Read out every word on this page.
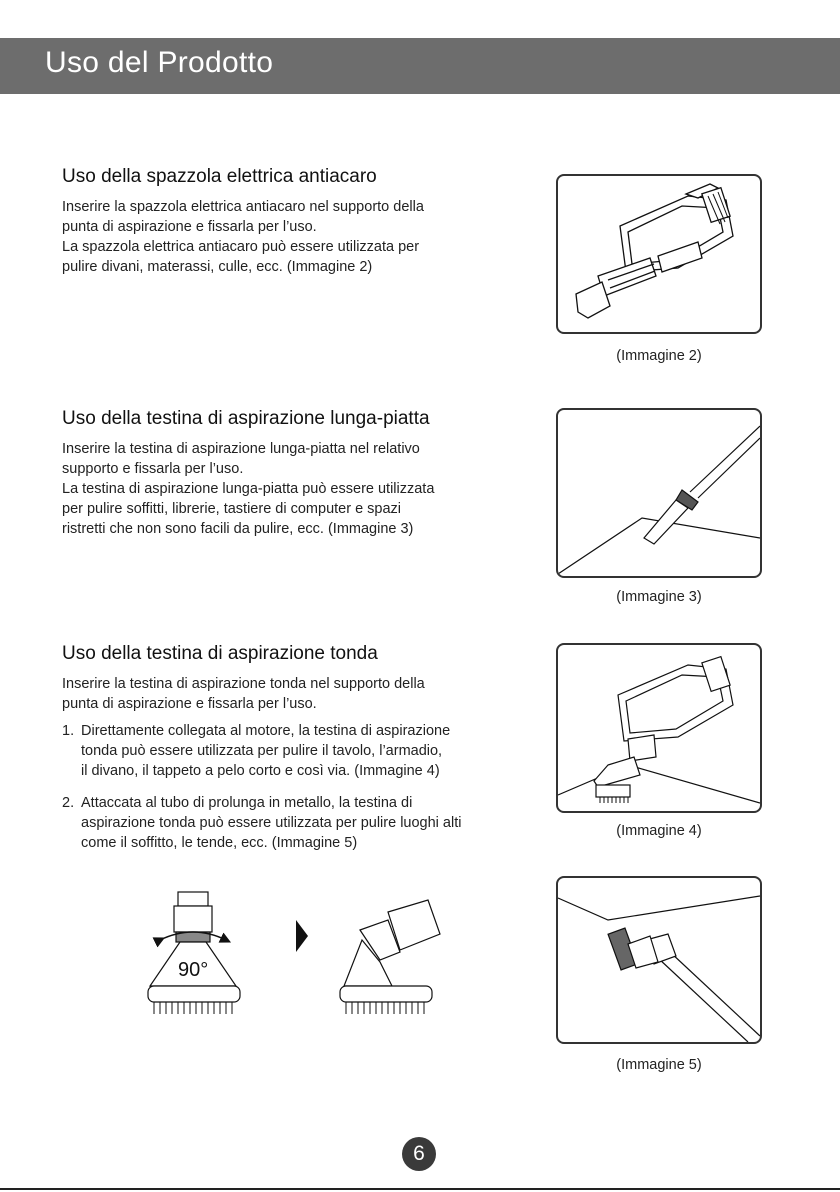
Uso del Prodotto
Uso della spazzola elettrica antiacaro

Inserire la spazzola elettrica antiacaro nel supporto della
punta di aspirazione e fissarla per l’uso.
La spazzola elettrica antiacaro può essere utilizzata per
pulire divani, materassi, culle, ecc. (Immagine 2)

Uso della testina di aspirazione lunga-piatta

Inserire la testina di aspirazione lunga-piatta nel relativo
supporto e fissarla per l’uso.
La testina di aspirazione lunga-piatta può essere utilizzata
per pulire soffitti, librerie, tastiere di computer e spazi
ristretti che non sono facili da pulire, ecc. (Immagine 3)

Uso della testina di aspirazione tonda

Inserire la testina di aspirazione tonda nel supporto della
punta di aspirazione e fissarla per l’uso.

1. Direttamente collegata al motore, la testina di aspirazione
tonda può essere utilizzata per pulire il tavolo, l’armadio,
il divano, il tappeto a pelo corto e così via. (Immagine 4)
2. Attaccata al tubo di prolunga in metallo, la testina di
aspirazione tonda può essere utilizzata per pulire luoghi alti
come il soffitto, le tende, ecc. (Immagine 5)
(Immagine 2)
(Immagine 3)
(Immagine 4)
(Immagine 5)
90°
6
